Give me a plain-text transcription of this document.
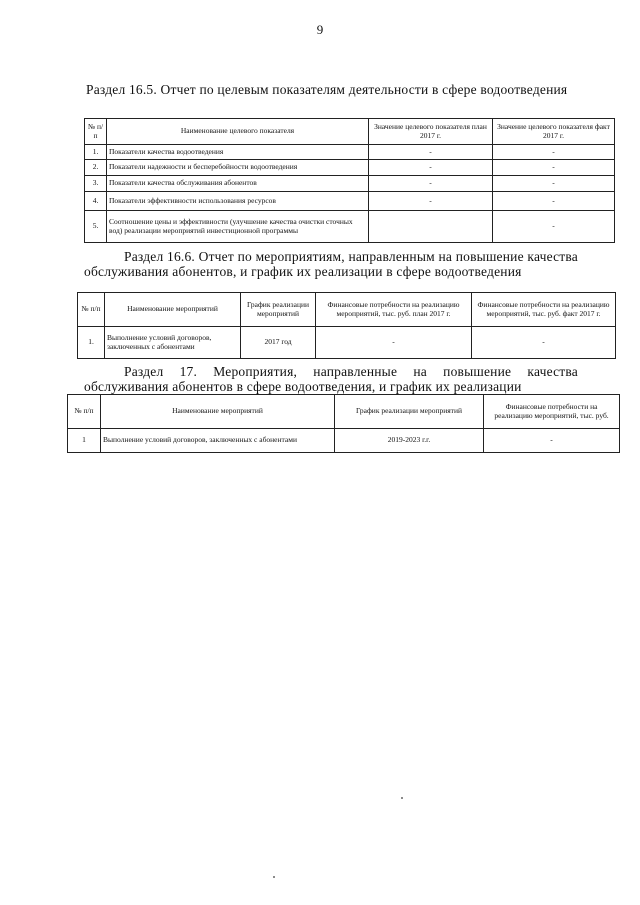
9
Раздел 16.5. Отчет по целевым показателям деятельности в сфере водоотведения
№ п/п	Наименование целевого показателя	Значение целевого показателя план 2017 г.	Значение целевого показателя факт 2017 г.
1.	Показатели качества водоотведения	-	-
2.	Показатели надежности и бесперебойности водоотведения	-	-
3.	Показатели качества обслуживания абонентов	-	-
4.	Показатели эффективности использования ресурсов	-	-
5.	Соотношение цены и эффективности (улучшение качества очистки сточных вод) реализации мероприятий инвестиционной программы		-
Раздел 16.6. Отчет по мероприятиям, направленным на повышение качества обслуживания абонентов, и график их реализации в сфере водоотведения
№ п/п	Наименование мероприятий	График реализации мероприятий	Финансовые потребности на реализацию мероприятий, тыс. руб. план 2017 г.	Финансовые потребности на реализацию мероприятий, тыс. руб. факт 2017 г.
1.	Выполнение условий договоров, заключенных с абонентами	2017 год	-	-
Раздел 17. Мероприятия, направленные на повышение качества обслуживания абонентов в сфере водоотведения, и график их реализации
№ п/п	Наименование мероприятий	График реализации мероприятий	Финансовые потребности на реализацию мероприятий, тыс. руб.
1	Выполнение условий договоров, заключенных с абонентами	2019-2023 г.г.	-
